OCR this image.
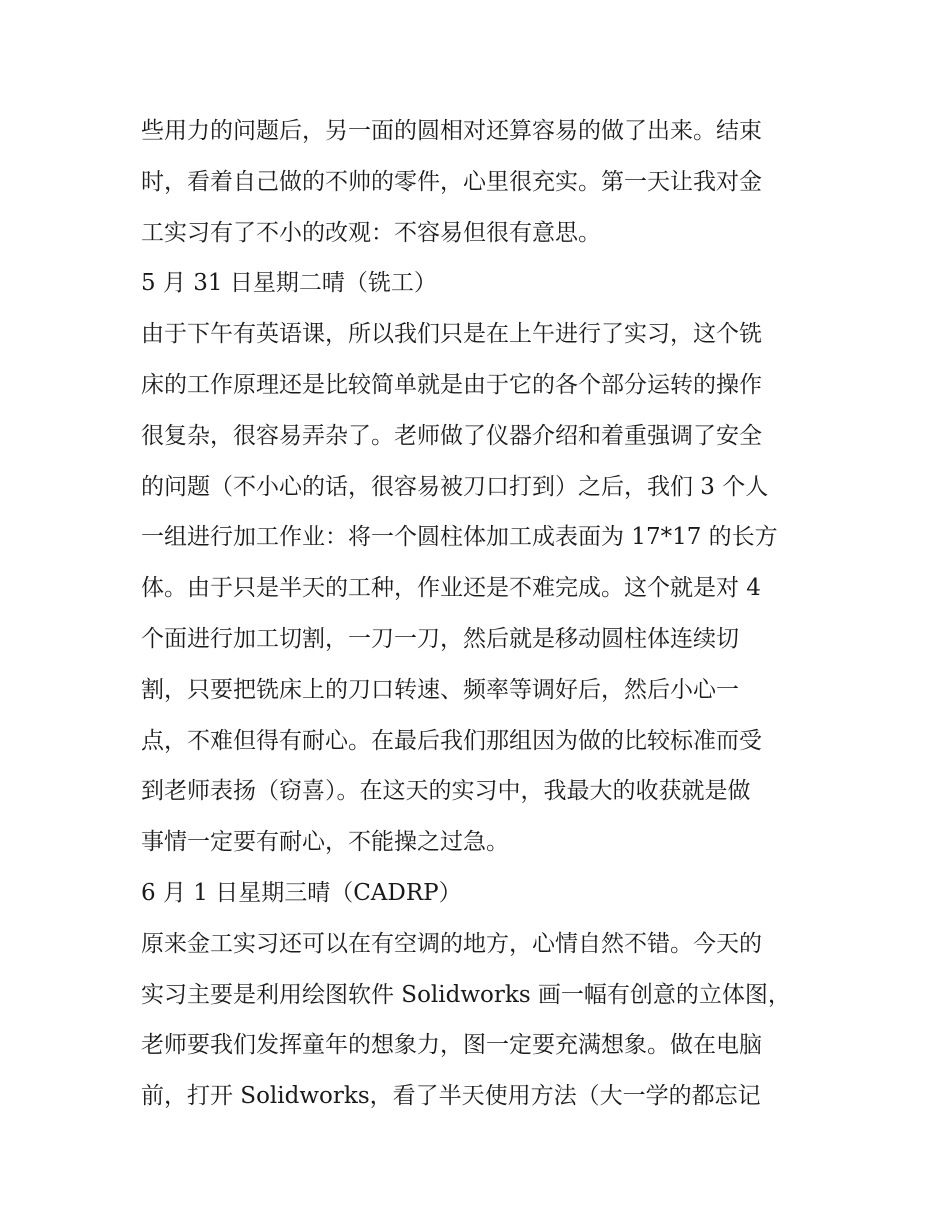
些用力的问题后，另一面的圆相对还算容易的做了出来。结束
时，看着自己做的不帅的零件，心里很充实。第一天让我对金
工实习有了不小的改观：不容易但很有意思。
5 月 31 日星期二晴（铣工）
由于下午有英语课，所以我们只是在上午进行了实习，这个铣
床的工作原理还是比较简单就是由于它的各个部分运转的操作
很复杂，很容易弄杂了。老师做了仪器介绍和着重强调了安全
的问题（不小心的话，很容易被刀口打到）之后，我们 3 个人
一组进行加工作业：将一个圆柱体加工成表面为 17*17 的长方
体。由于只是半天的工种，作业还是不难完成。这个就是对 4
个面进行加工切割，一刀一刀，然后就是移动圆柱体连续切
割，只要把铣床上的刀口转速、频率等调好后，然后小心一
点，不难但得有耐心。在最后我们那组因为做的比较标准而受
到老师表扬（窃喜）。在这天的实习中，我最大的收获就是做
事情一定要有耐心，不能操之过急。
6 月 1 日星期三晴（CADRP）
原来金工实习还可以在有空调的地方，心情自然不错。今天的
实习主要是利用绘图软件 Solidworks 画一幅有创意的立体图，
老师要我们发挥童年的想象力，图一定要充满想象。做在电脑
前，打开 Solidworks，看了半天使用方法（大一学的都忘记
